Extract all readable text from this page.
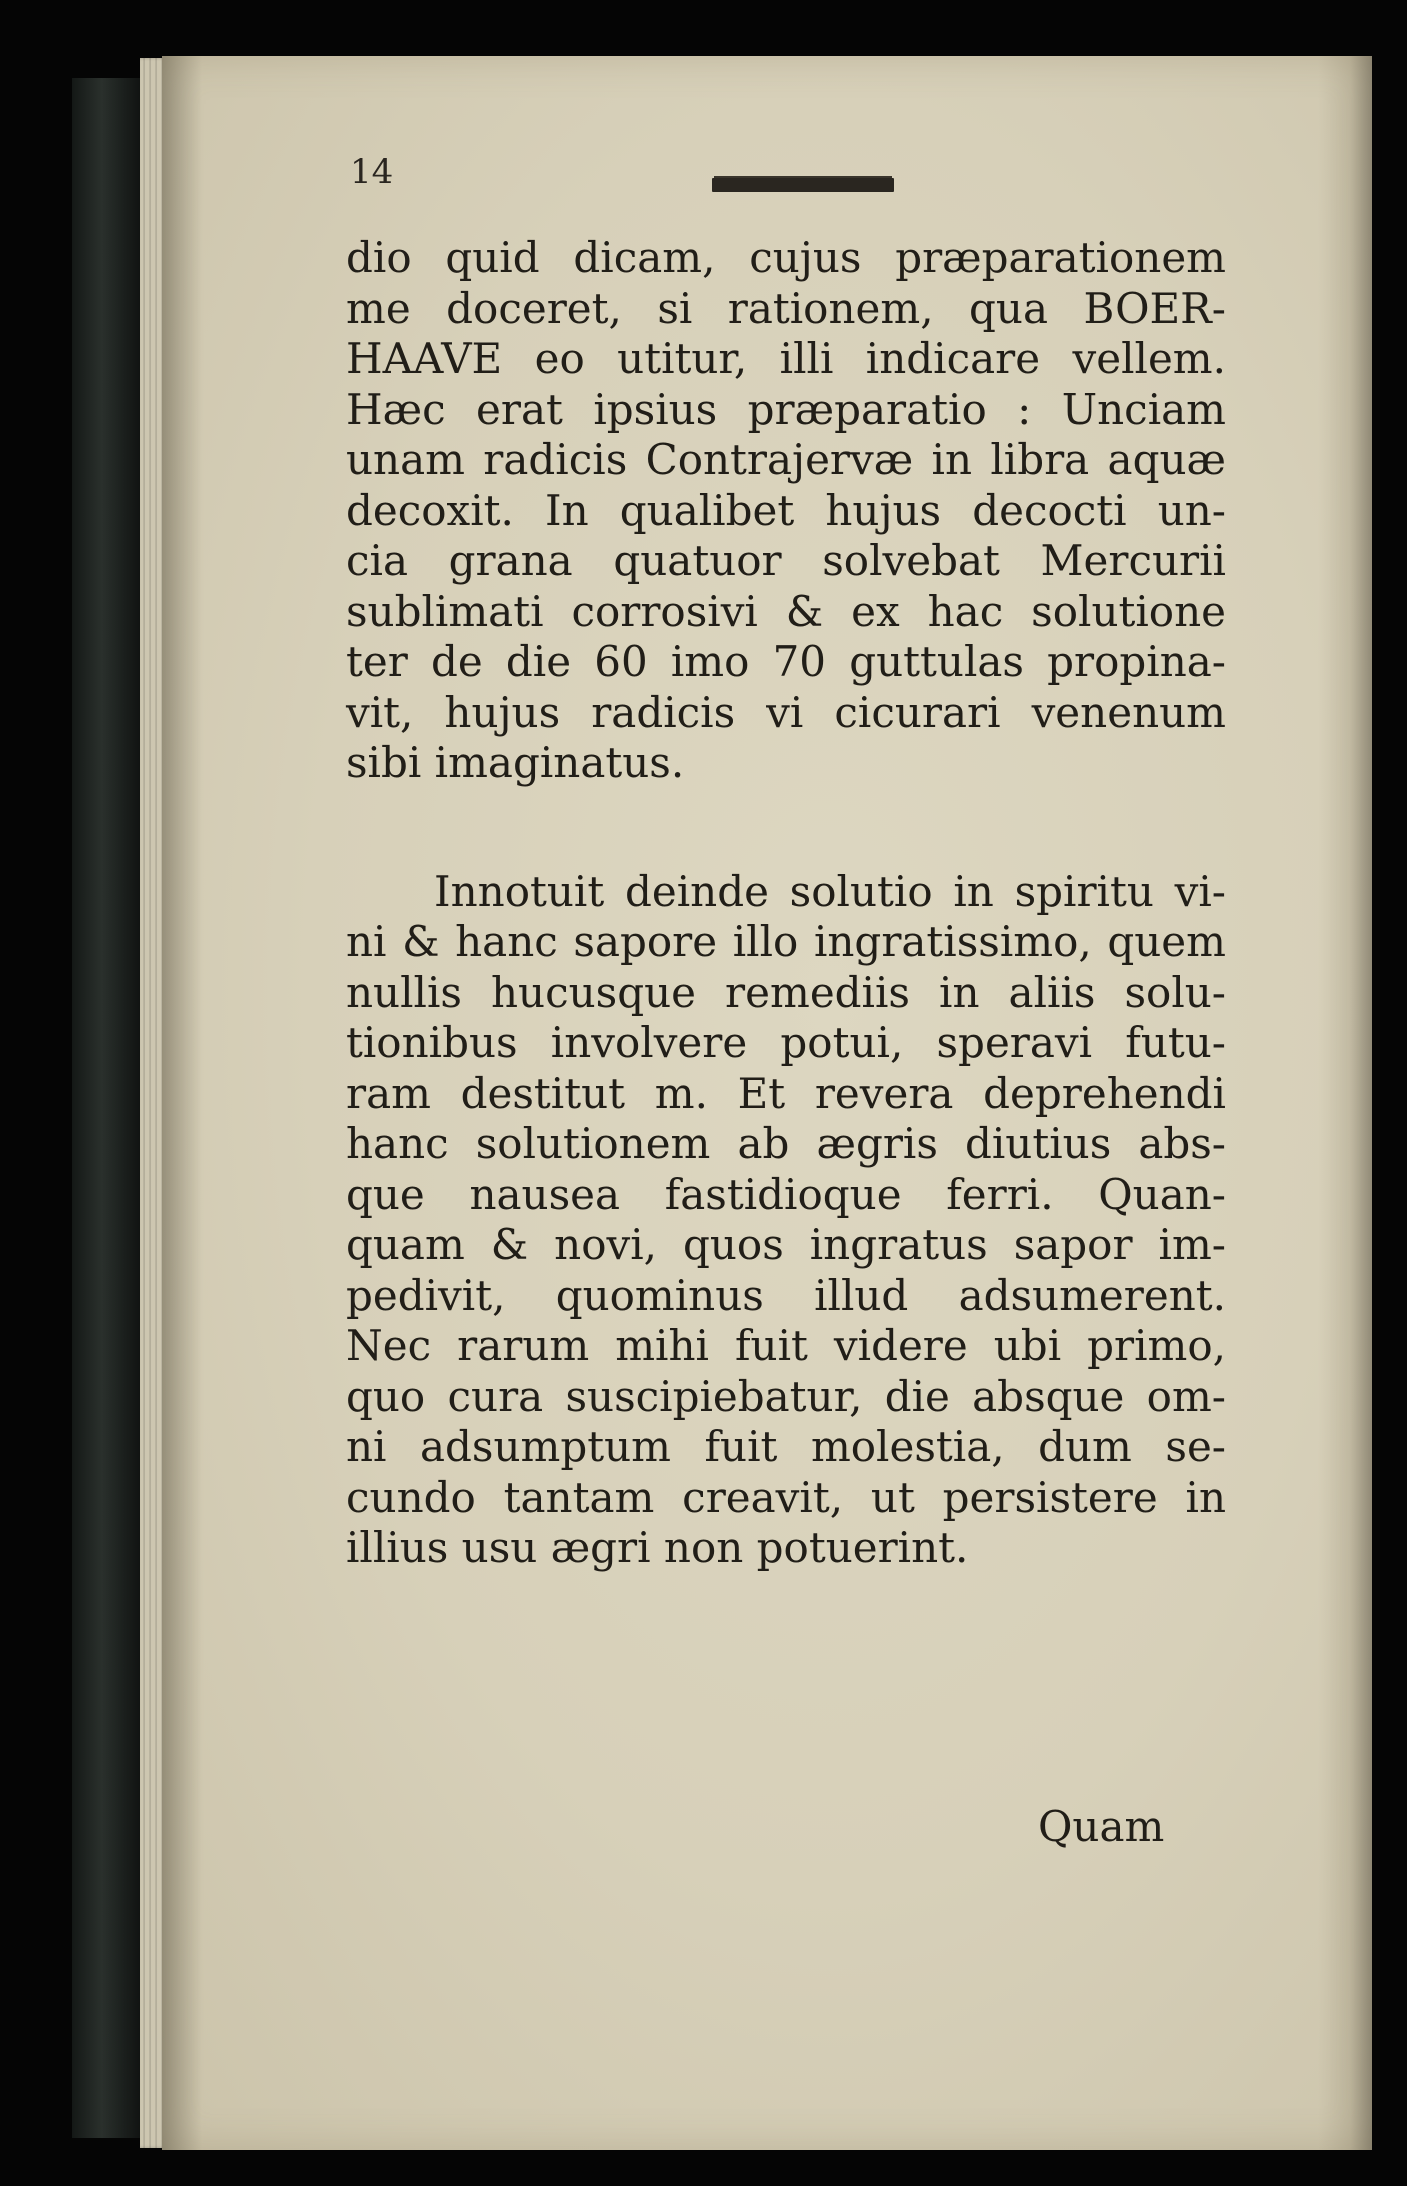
14
dio quid dicam, cujus præparationem
me doceret, si rationem, qua BOER-
HAAVE eo utitur, illi indicare vellem.
Hæc erat ipsius præparatio : Unciam
unam radicis Contrajervæ in libra aquæ
decoxit. In qualibet hujus decocti un-
cia grana quatuor solvebat Mercurii
sublimati corrosivi & ex hac solutione
ter de die 60 imo 70 guttulas propina-
vit, hujus radicis vi cicurari venenum
sibi imaginatus.
Innotuit deinde solutio in spiritu vi-
ni & hanc sapore illo ingratissimo, quem
nullis hucusque remediis in aliis solu-
tionibus involvere potui, speravi futu-
ram destitut m. Et revera deprehendi
hanc solutionem ab ægris diutius abs-
que nausea fastidioque ferri. Quan-
quam & novi, quos ingratus sapor im-
pedivit, quominus illud adsumerent.
Nec rarum mihi fuit videre ubi primo,
quo cura suscipiebatur, die absque om-
ni adsumptum fuit molestia, dum se-
cundo tantam creavit, ut persistere in
illius usu ægri non potuerint.
Quam
